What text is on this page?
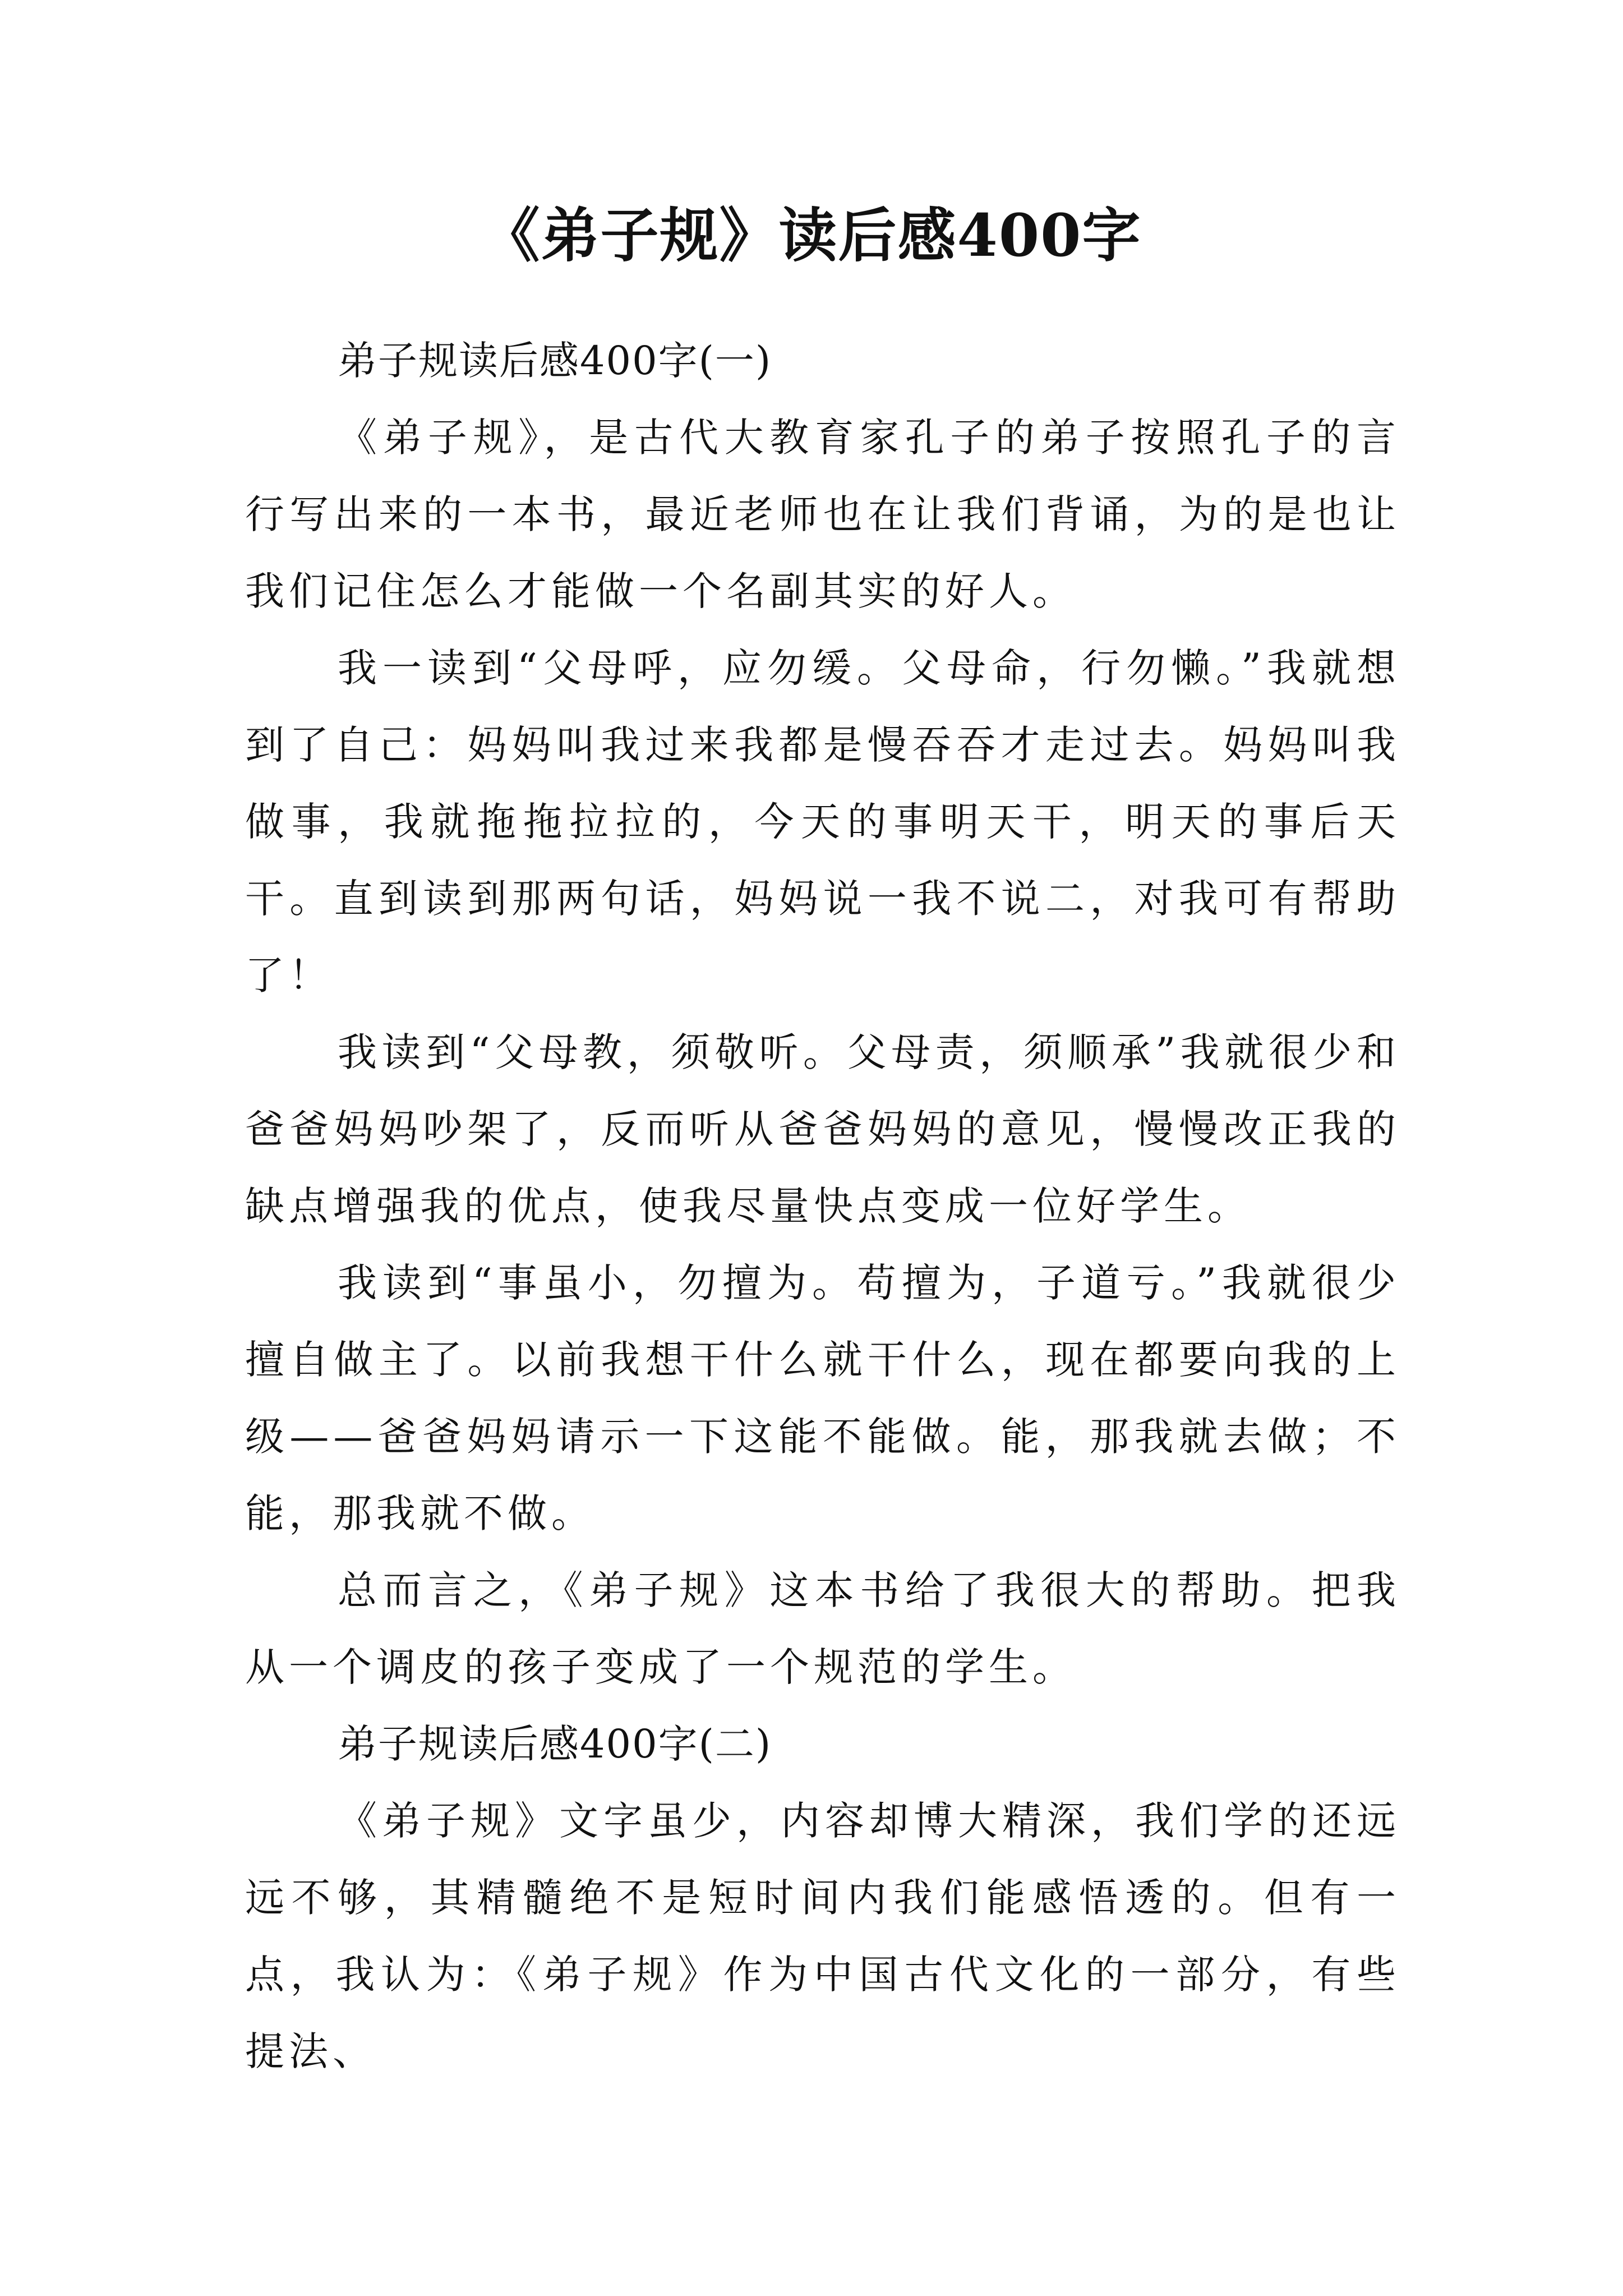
《弟子规》读后感400字

弟子规读后感400字(一)

《弟子规》，是古代大教育家孔子的弟子按照孔子的言行写出来的一本书，最近老师也在让我们背诵，为的是也让我们记住怎么才能做一个名副其实的好人。

我一读到“父母呼，应勿缓。父母命，行勿懒。”我就想到了自己：妈妈叫我过来我都是慢吞吞才走过去。妈妈叫我做事，我就拖拖拉拉的，今天的事明天干，明天的事后天干。直到读到那两句话，妈妈说一我不说二，对我可有帮助了！

我读到“父母教，须敬听。父母责，须顺承”我就很少和爸爸妈妈吵架了，反而听从爸爸妈妈的意见，慢慢改正我的缺点增强我的优点，使我尽量快点变成一位好学生。

我读到“事虽小，勿擅为。苟擅为，子道亏。”我就很少擅自做主了。以前我想干什么就干什么，现在都要向我的上级——爸爸妈妈请示一下这能不能做。能，那我就去做；不能，那我就不做。

总而言之，《弟子规》这本书给了我很大的帮助。把我从一个调皮的孩子变成了一个规范的学生。

弟子规读后感400字(二)

《弟子规》文字虽少，内容却博大精深，我们学的还远远不够，其精髓绝不是短时间内我们能感悟透的。但有一点，我认为：《弟子规》作为中国古代文化的一部分，有些提法、
